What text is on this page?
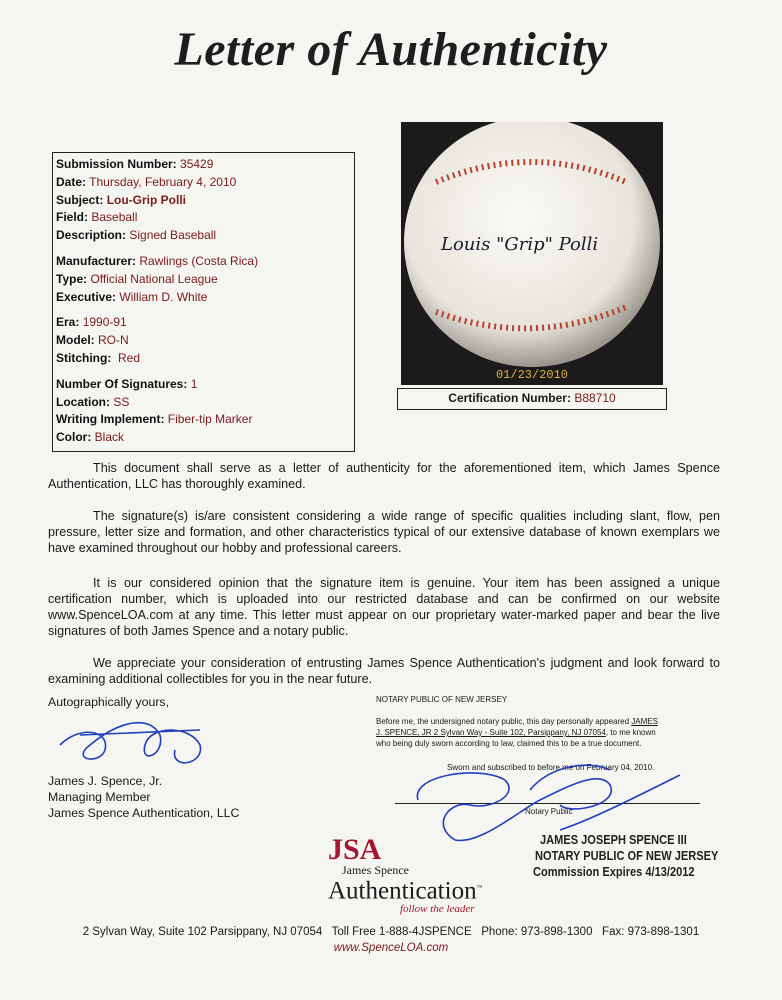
Letter of Authenticity
Submission Number: 35429
Date: Thursday, February 4, 2010
Subject: Lou-Grip Polli
Field: Baseball
Description: Signed Baseball
Manufacturer: Rawlings (Costa Rica)
Type: Official National League
Executive: William D. White
Era: 1990-91
Model: RO-N
Stitching: Red
Number Of Signatures: 1
Location: SS
Writing Implement: Fiber-tip Marker
Color: Black
Louis "Grip" Polli
01/23/2010
Certification Number: B88710
This document shall serve as a letter of authenticity for the aforementioned item, which James Spence Authentication, LLC has thoroughly examined.
The signature(s) is/are consistent considering a wide range of specific qualities including slant, flow, pen pressure, letter size and formation, and other characteristics typical of our extensive database of known exemplars we have examined throughout our hobby and professional careers.
It is our considered opinion that the signature item is genuine. Your item has been assigned a unique certification number, which is uploaded into our restricted database and can be confirmed on our website www.SpenceLOA.com at any time. This letter must appear on our proprietary water-marked paper and bear the live signatures of both James Spence and a notary public.
We appreciate your consideration of entrusting James Spence Authentication's judgment and look forward to examining additional collectibles for you in the near future.
Autographically yours,
James J. Spence, Jr.
Managing Member
James Spence Authentication, LLC
NOTARY PUBLIC OF NEW JERSEY
Before me, the undersigned notary public, this day personally appeared JAMES J. SPENCE, JR 2 Sylvan Way - Suite 102, Parsippany, NJ 07054, to me known who being duly sworn according to law, claimed this to be a true document.
Sworn and subscribed to before me on February 04, 2010.
Notary Public
JAMES JOSEPH SPENCE III
NOTARY PUBLIC OF NEW JERSEY
Commission Expires 4/13/2012
JSA
James Spence
Authentication™
follow the leader
2 Sylvan Way, Suite 102 Parsippany, NJ 07054   Toll Free 1-888-4JSPENCE   Phone: 973-898-1300   Fax: 973-898-1301
www.SpenceLOA.com
